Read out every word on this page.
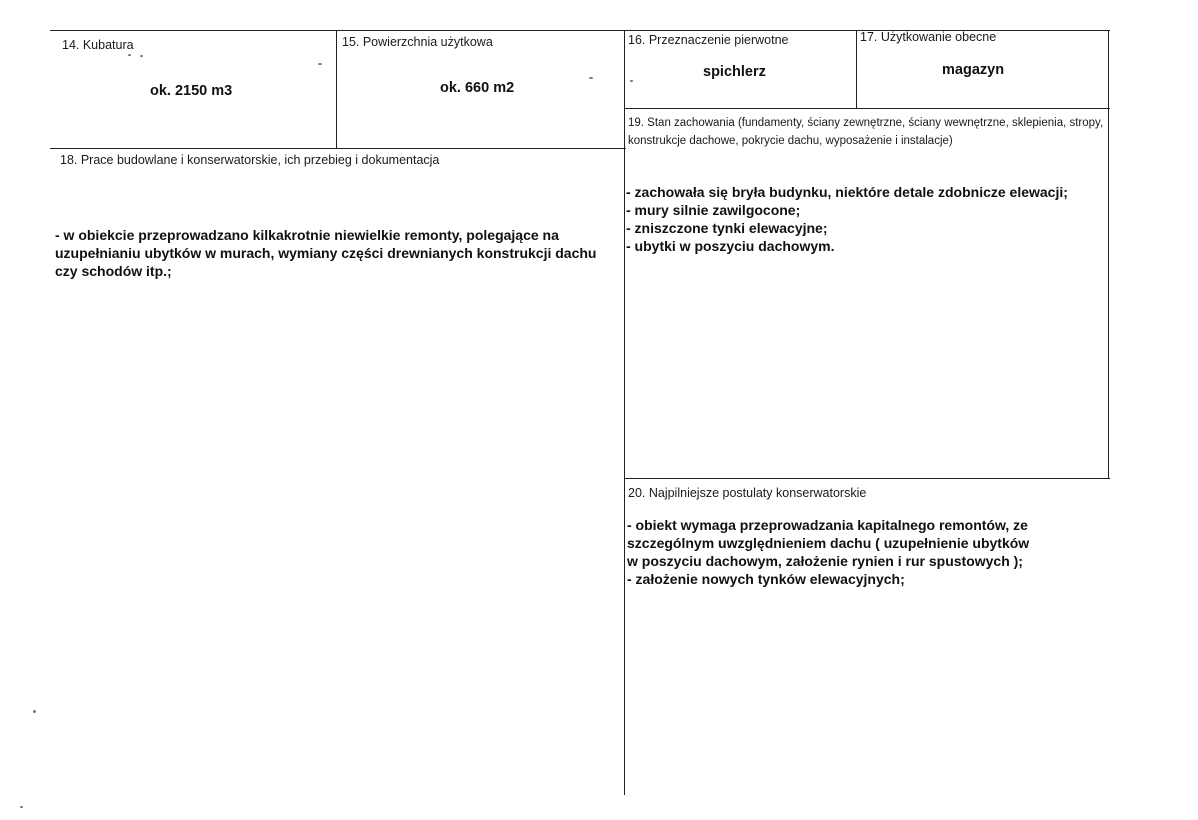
14. Kubatura
ok. 2150 m3
15. Powierzchnia użytkowa
ok. 660 m2
16. Przeznaczenie pierwotne
spichlerz
17. Użytkowanie obecne
magazyn
19. Stan zachowania (fundamenty, ściany zewnętrzne, ściany wewnętrzne, sklepienia, stropy, konstrukcje dachowe, pokrycie dachu, wyposażenie i instalacje)
- zachowała się bryła budynku, niektóre detale zdobnicze elewacji;
- mury silnie zawilgocone;
- zniszczone tynki elewacyjne;
- ubytki w poszyciu dachowym.
18. Prace budowlane i konserwatorskie, ich przebieg i dokumentacja
- w obiekcie przeprowadzano kilkakrotnie niewielkie remonty, polegające na uzupełnianiu ubytków w murach, wymiany części drewnianych konstrukcji dachu czy schodów itp.;
20. Najpilniejsze postulaty konserwatorskie
- obiekt wymaga przeprowadzania kapitalnego remontów, ze
szczególnym uwzględnieniem dachu ( uzupełnienie ubytków
w poszyciu dachowym, założenie rynien i rur spustowych );
- założenie nowych tynków elewacyjnych;
